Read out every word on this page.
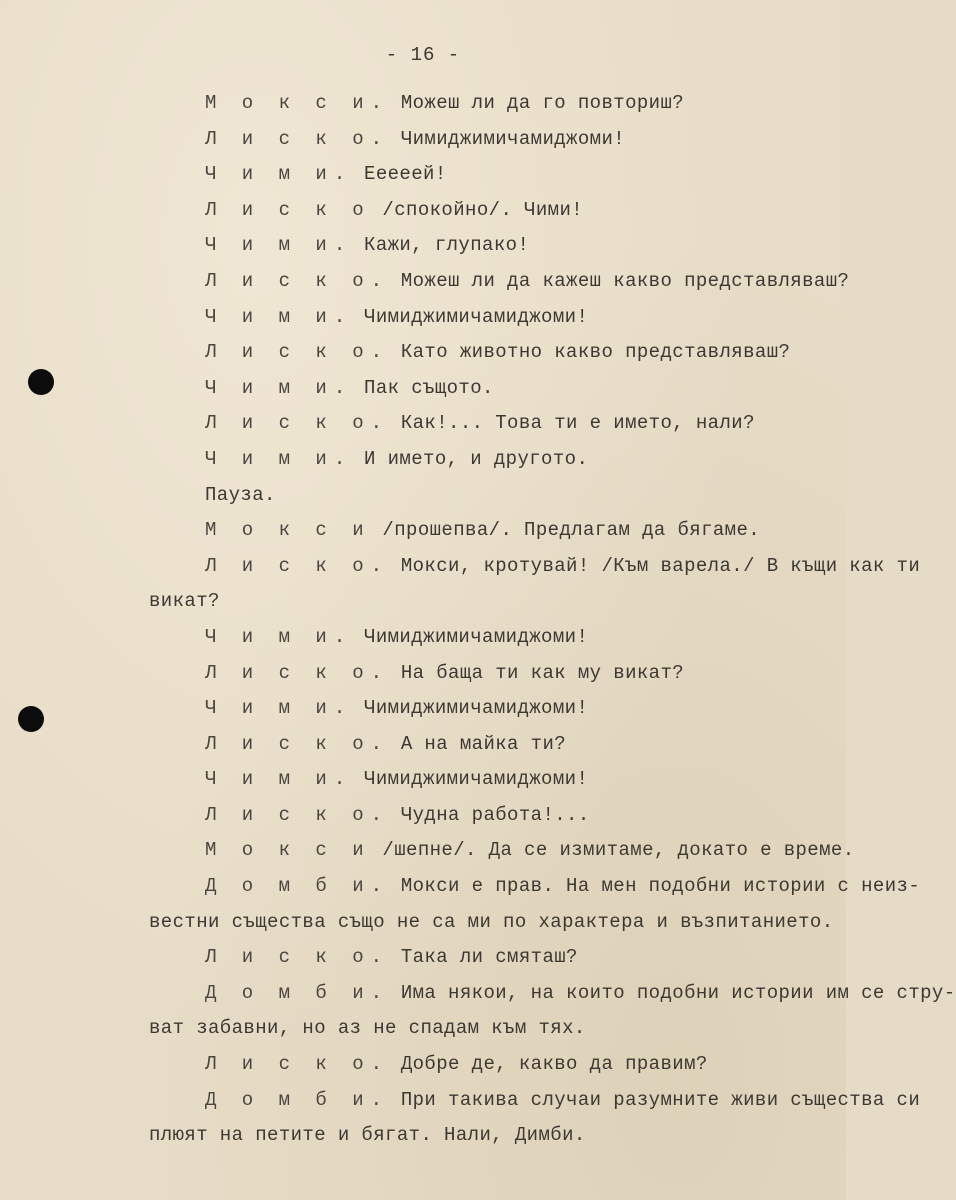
- 16 -
М о к с и. Можеш ли да го повториш?
Л и с к о. Чимиджимичамиджоми!
Ч и м и. Ееееей!
Л и с к о /спокойно/. Чими!
Ч и м и. Кажи, глупако!
Л и с к о. Можеш ли да кажеш какво представляваш?
Ч и м и. Чимиджимичамиджоми!
Л и с к о. Като животно какво представляваш?
Ч и м и. Пак същото.
Л и с к о. Как!... Това ти е името, нали?
Ч и м и. И името, и другото.
Пауза.
М о к с и /прошепва/. Предлагам да бягаме.
Л и с к о. Мокси, кротувай! /Към варела./ В къщи как ти
викат?
Ч и м и. Чимиджимичамиджоми!
Л и с к о. На баща ти как му викат?
Ч и м и. Чимиджимичамиджоми!
Л и с к о. А на майка ти?
Ч и м и. Чимиджимичамиджоми!
Л и с к о. Чудна работа!...
М о к с и /шепне/. Да се измитаме, докато е време.
Д о м б и. Мокси е прав. На мен подобни истории с неиз-
вестни същества също не са ми по характера и възпитанието.
Л и с к о. Така ли смяташ?
Д о м б и. Има някои, на които подобни истории им се стру-
ват забавни, но аз не спадам към тях.
Л и с к о. Добре де, какво да правим?
Д о м б и. При такива случаи разумните живи същества си
плюят на петите и бягат. Нали, Димби.
